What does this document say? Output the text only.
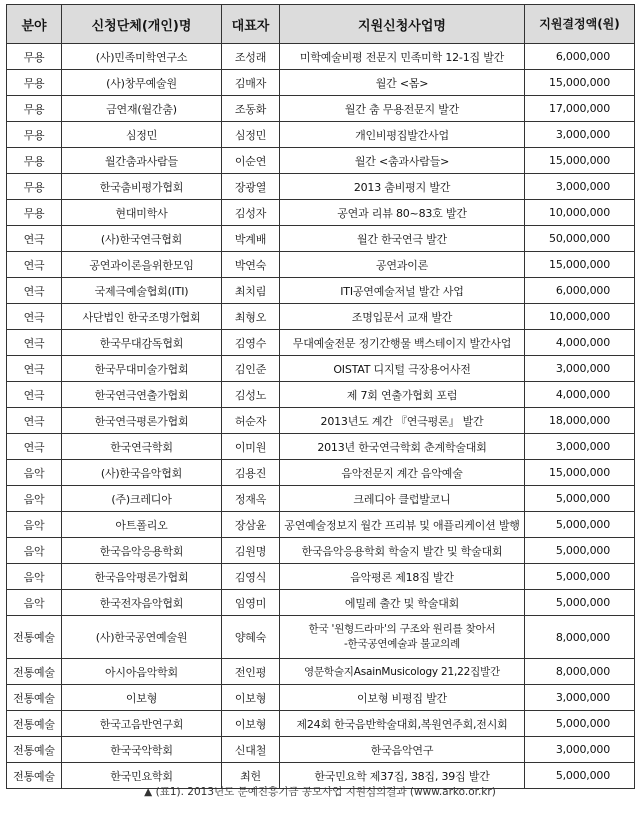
분야	신청단체(개인)명	대표자	지원신청사업명	지원결정액(원)
무용	(사)민족미학연구소	조성래	미학예술비평 전문지 민족미학 12-1집 발간	6,000,000
무용	(사)창무예술원	김매자	월간 <몸>	15,000,000
무용	금연재(월간춤)	조동화	월간 춤 무용전문지 발간	17,000,000
무용	심정민	심정민	개인비평집발간사업	3,000,000
무용	월간춤과사람들	이순연	월간 <춤과사람들>	15,000,000
무용	한국춤비평가협회	장광열	2013 춤비평지 발간	3,000,000
무용	현대미학사	김성자	공연과 리뷰 80~83호 발간	10,000,000
연극	(사)한국연극협회	박계배	월간 한국연극 발간	50,000,000
연극	공연과이론을위한모임	박연숙	공연과이론	15,000,000
연극	국제극예술협회(ITI)	최치림	ITI공연예술저널 발간 사업	6,000,000
연극	사단법인 한국조명가협회	최형오	조명입문서 교재 발간	10,000,000
연극	한국무대감독협회	김영수	무대예술전문 정기간행물 백스테이지 발간사업	4,000,000
연극	한국무대미술가협회	김인준	OISTAT 디지털 극장용어사전	3,000,000
연극	한국연극연출가협회	김성노	제 7회 연출가협회 포럼	4,000,000
연극	한국연극평론가협회	허순자	2013년도 계간 『연극평론』 발간	18,000,000
연극	한국연극학회	이미원	2013년 한국연극학회 춘계학술대회	3,000,000
음악	(사)한국음악협회	김용진	음악전문지 계간 음악예술	15,000,000
음악	(주)크레디아	정재옥	크레디아 클럽발코니	5,000,000
음악	아트폴리오	장삼윤	공연예술정보지 월간 프리뷰 및 애플리케이션 발행	5,000,000
음악	한국음악응용학회	김원명	한국음악응용학회 학술지 발간 및 학술대회	5,000,000
음악	한국음악평론가협회	김영식	음악평론 제18집 발간	5,000,000
음악	한국전자음악협회	임영미	에밀레 출간 및 학술대회	5,000,000
전통예술	(사)한국공연예술원	양혜숙	한국 '원형드라마'의 구조와 원리를 찾아서
-한국공연예술과 불교의례	8,000,000
전통예술	아시아음악학회	전인평	영문학술지AsainMusicology 21,22집발간	8,000,000
전통예술	이보형	이보형	이보형 비평집 발간	3,000,000
전통예술	한국고음반연구회	이보형	제24회 한국음반학술대회,복원연주회,전시회	5,000,000
전통예술	한국국악학회	신대철	한국음악연구	3,000,000
전통예술	한국민요학회	최헌	한국민요학 제37집, 38집, 39집 발간	5,000,000
▲ (표1). 2013년도 문예진흥기금 공모사업 지원심의결과 (www.arko.or.kr)
